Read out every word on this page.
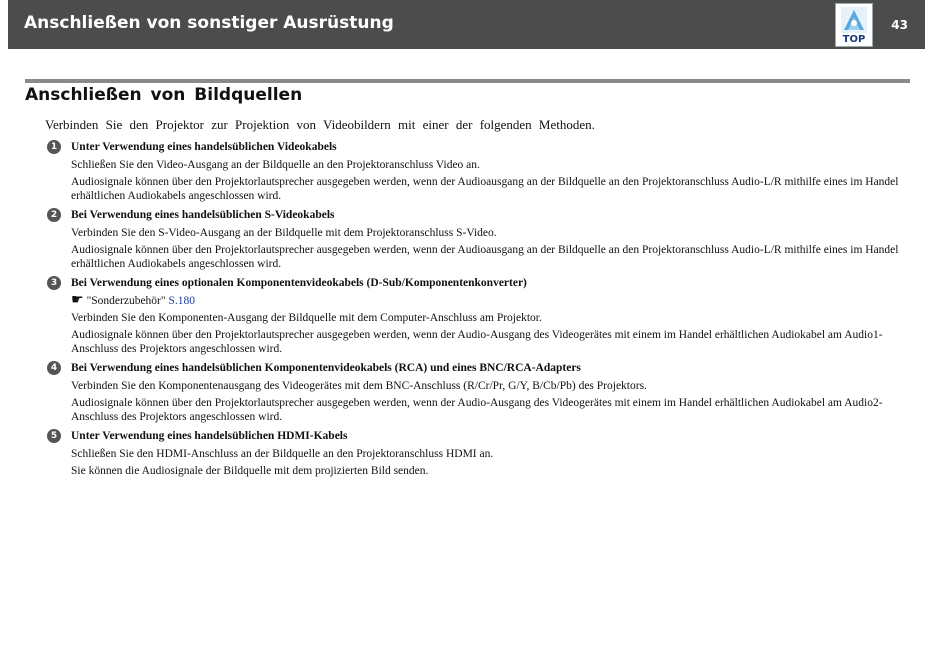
Anschließen von sonstiger Ausrüstung
TOP
43
Anschließen von Bildquellen

Verbinden Sie den Projektor zur Projektion von Videobildern mit einer der folgenden Methoden.

1	Unter Verwendung eines handelsüblichen Videokabels
Schließen Sie den Video-Ausgang an der Bildquelle an den Projektoranschluss Video an.
Audiosignale können über den Projektorlautsprecher ausgegeben werden, wenn der Audioausgang an der Bildquelle an den Projektoranschluss Audio-L/R mithilfe eines im Handel erhältlichen Audiokabels angeschlossen wird.
2	Bei Verwendung eines handelsüblichen S-Videokabels
Verbinden Sie den S-Video-Ausgang an der Bildquelle mit dem Projektoranschluss S-Video.
Audiosignale können über den Projektorlautsprecher ausgegeben werden, wenn der Audioausgang an der Bildquelle an den Projektoranschluss Audio-L/R mithilfe eines im Handel erhältlichen Audiokabels angeschlossen wird.
3	Bei Verwendung eines optionalen Komponentenvideokabels (D-Sub/Komponentenkonverter)
☛ "Sonderzubehör" S.180
Verbinden Sie den Komponenten-Ausgang der Bildquelle mit dem Computer-Anschluss am Projektor.
Audiosignale können über den Projektorlautsprecher ausgegeben werden, wenn der Audio-Ausgang des Videogerätes mit einem im Handel erhältlichen Audiokabel am Audio1-Anschluss des Projektors angeschlossen wird.
4	Bei Verwendung eines handelsüblichen Komponentenvideokabels (RCA) und eines BNC/RCA-Adapters
Verbinden Sie den Komponentenausgang des Videogerätes mit dem BNC-Anschluss (R/Cr/Pr, G/Y, B/Cb/Pb) des Projektors.
Audiosignale können über den Projektorlautsprecher ausgegeben werden, wenn der Audio-Ausgang des Videogerätes mit einem im Handel erhältlichen Audiokabel am Audio2-Anschluss des Projektors angeschlossen wird.
5	Unter Verwendung eines handelsüblichen HDMI-Kabels
Schließen Sie den HDMI-Anschluss an der Bildquelle an den Projektoranschluss HDMI an.
Sie können die Audiosignale der Bildquelle mit dem projizierten Bild senden.
